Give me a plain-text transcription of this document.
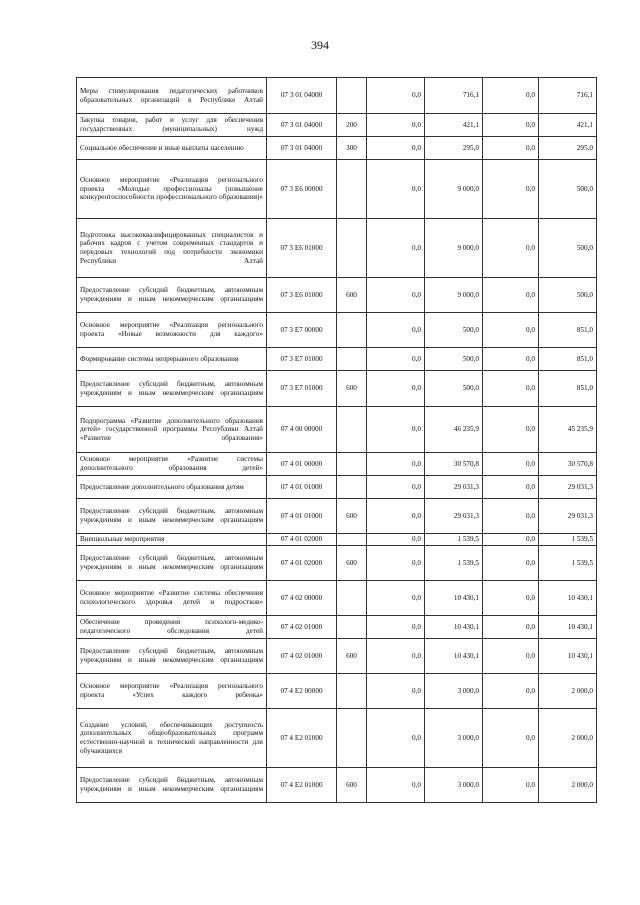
394
Меры стимулирования педагогических работников образовательных организаций в Республике Алтай	07 3 01 04000		0,0	716,1	0,0	716,1
Закупка товаров, работ и услуг для обеспечения государственных (муниципальных) нужд	07 3 01 04000	200	0,0	421,1	0,0	421,1
Социальное обеспечение и иные выплаты населению	07 3 01 04000	300	0,0	295,0	0,0	295,0
Основное мероприятие «Реализация регионального проекта «Молодые профессионалы (повышение конкурентоспособности профессионального образования)»	07 3 E6 00000		0,0	9 000,0	0,0	500,0
Подготовка высококвалифицированных специалистов и рабочих кадров с учетом современных стандартов и передовых технологий под потребности экономики Республики Алтай	07 3 E6 01000		0,0	9 000,0	0,0	500,0
Предоставление субсидий бюджетным, автономным учреждениям и иным некоммерческим организациям	07 3 E6 01000	600	0,0	9 000,0	0,0	500,0
Основное мероприятие «Реализация регионального проекта «Новые возможности для каждого»	07 3 E7 00000		0,0	500,0	0,0	851,0
Формирование системы непрерывного образования	07 3 E7 01000		0,0	500,0	0,0	851,0
Предоставление субсидий бюджетным, автономным учреждениям и иным некоммерческим организациям	07 3 E7 01000	600	0,0	500,0	0,0	851,0
Подпрограмма «Развитие дополнительного образования детей» государственной программы Республики Алтай «Развитие образования»	07 4 00 00000		0,0	46 235,9	0,0	45 235,9
Основное мероприятие «Развитие системы дополнительного образования детей»	07 4 01 00000		0,0	30 570,8	0,0	30 570,8
Предоставление дополнительного образования детям	07 4 01 01000		0,0	29 031,3	0,0	29 031,3
Предоставление субсидий бюджетным, автономным учреждениям и иным некоммерческим организациям	07 4 01 01000	600	0,0	29 031,3	0,0	29 031,3
Внешкольные мероприятия	07 4 01 02000		0,0	1 539,5	0,0	1 539,5
Предоставление субсидий бюджетным, автономным учреждениям и иным некоммерческим организациям	07 4 01 02000	600	0,0	1 539,5	0,0	1 539,5
Основное мероприятие «Развитие системы обеспечения психологического здоровья детей и подростков»	07 4 02 00000		0,0	10 430,1	0,0	10 430,1
Обеспечение проведения психолого-медико-педагогического обследования детей	07 4 02 01000		0,0	10 430,1	0,0	10 430,1
Предоставление субсидий бюджетным, автономным учреждениям и иным некоммерческим организациям	07 4 02 01000	600	0,0	10 430,1	0,0	10 430,1
Основное мероприятие «Реализация регионального проекта «Успех каждого ребенка»	07 4 E2 00000		0,0	3 000,0	0,0	2 000,0
Создание условий, обеспечивающих доступность дополнительных общеобразовательных программ естественно-научной и технической направленности для обучающихся	07 4 E2 01000		0,0	3 000,0	0,0	2 000,0
Предоставление субсидий бюджетным, автономным учреждениям и иным некоммерческим организациям	07 4 E2 01000	600	0,0	3 000,0	0,0	2 000,0
